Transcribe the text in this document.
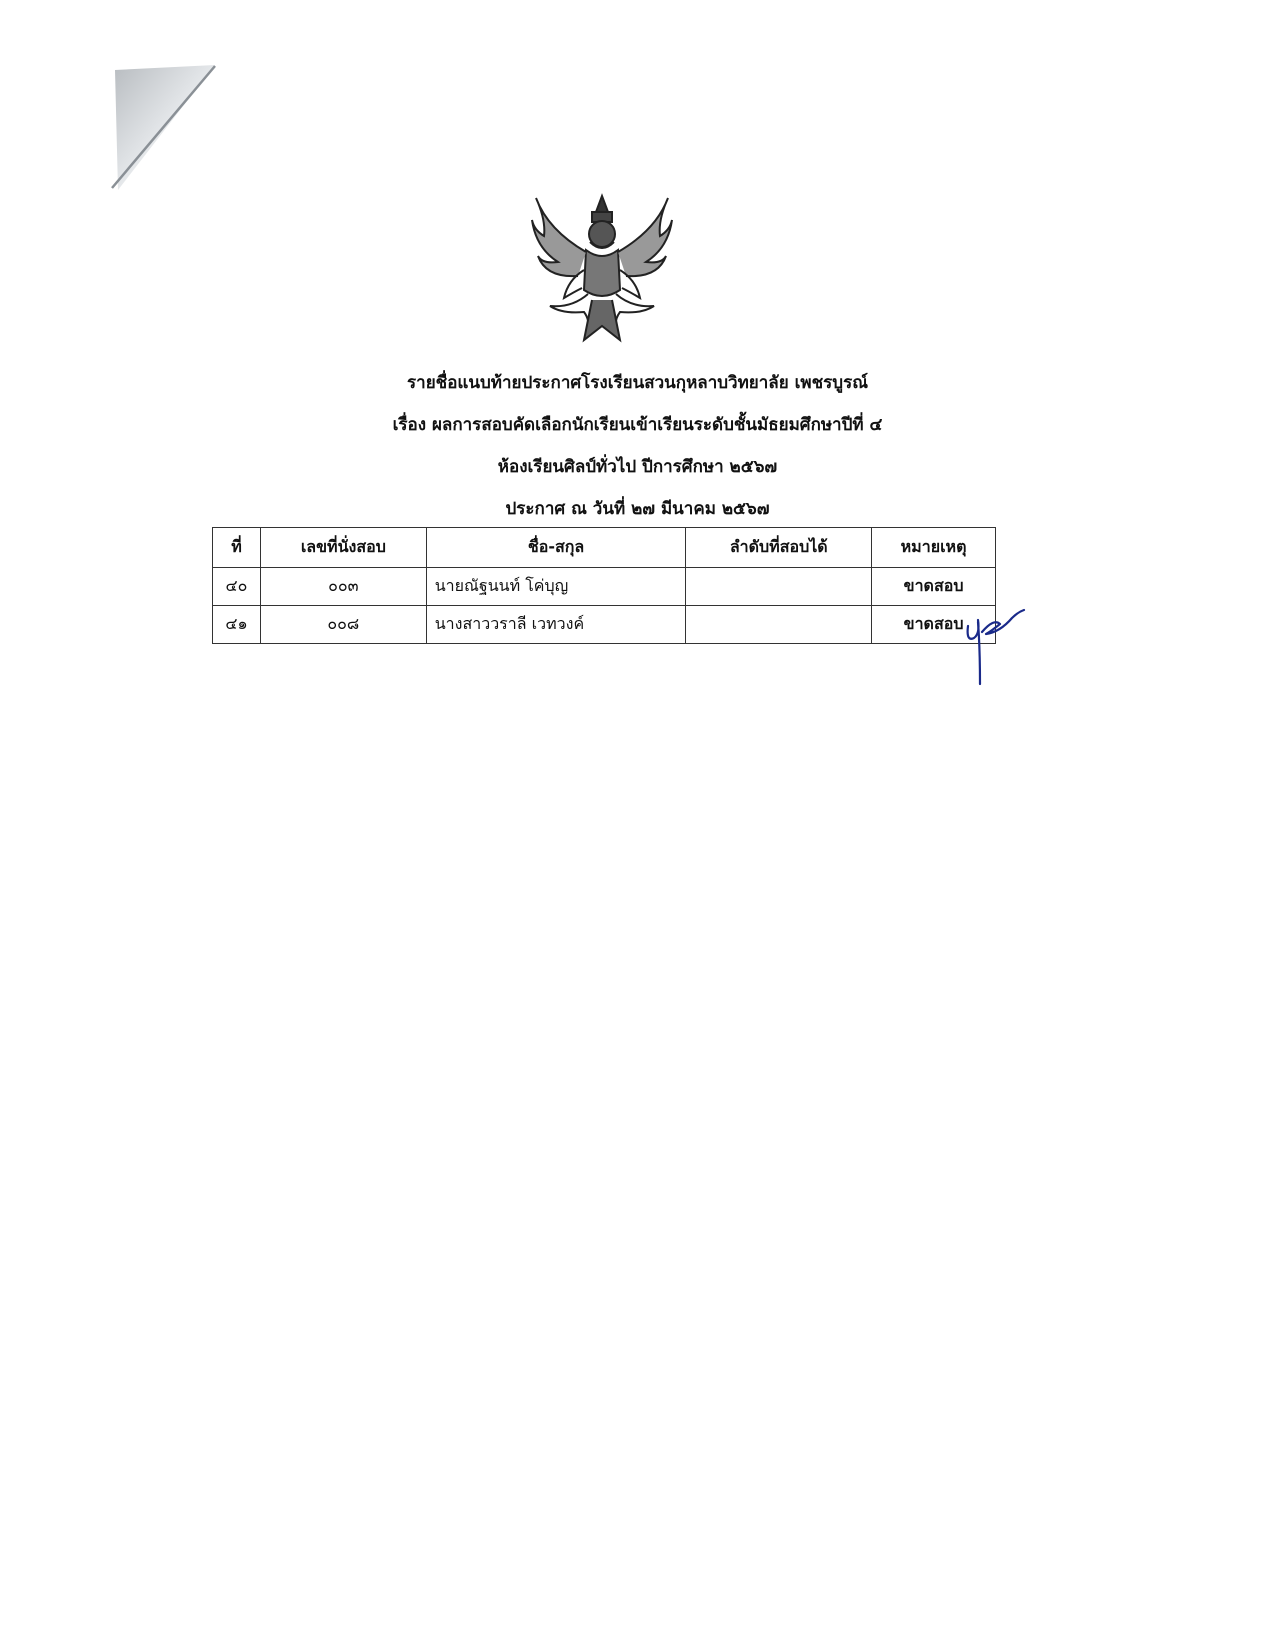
รายชื่อแนบท้ายประกาศโรงเรียนสวนกุหลาบวิทยาลัย เพชรบูรณ์
เรื่อง ผลการสอบคัดเลือกนักเรียนเข้าเรียนระดับชั้นมัธยมศึกษาปีที่ ๔
ห้องเรียนศิลป์ทั่วไป ปีการศึกษา ๒๕๖๗
ประกาศ ณ วันที่ ๒๗ มีนาคม ๒๕๖๗
ที่	เลขที่นั่งสอบ	ชื่อ-สกุล	ลำดับที่สอบได้	หมายเหตุ
๔๐	๐๐๓	นายณัฐนนท์ โค่บุญ		ขาดสอบ
๔๑	๐๐๘	นางสาววราลี เวทวงค์		ขาดสอบ
